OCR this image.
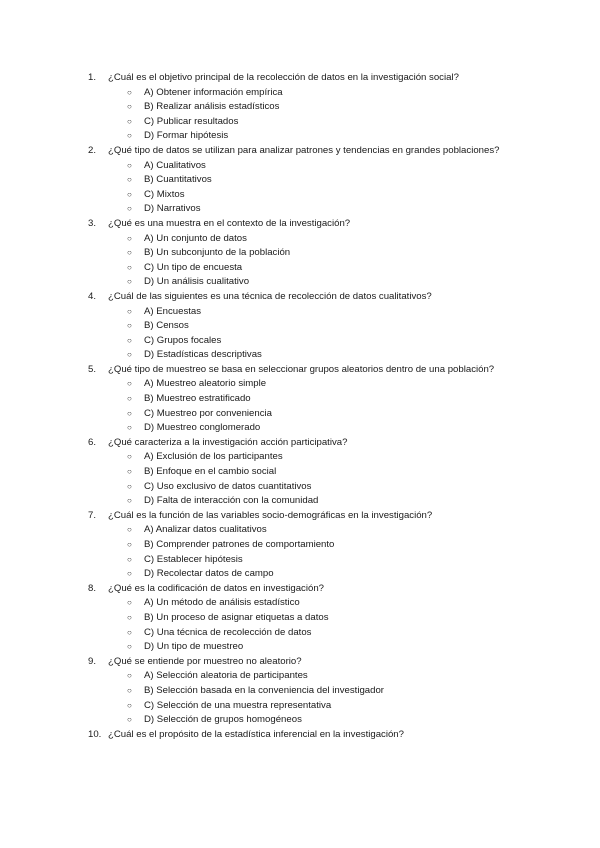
1.	¿Cuál es el objetivo principal de la recolección de datos en la investigación social?
○	A) Obtener información empírica
○	B) Realizar análisis estadísticos
○	C) Publicar resultados
○	D) Formar hipótesis
2.	¿Qué tipo de datos se utilizan para analizar patrones y tendencias en grandes poblaciones?
○	A) Cualitativos
○	B) Cuantitativos
○	C) Mixtos
○	D) Narrativos
3.	¿Qué es una muestra en el contexto de la investigación?
○	A) Un conjunto de datos
○	B) Un subconjunto de la población
○	C) Un tipo de encuesta
○	D) Un análisis cualitativo
4.	¿Cuál de las siguientes es una técnica de recolección de datos cualitativos?
○	A) Encuestas
○	B) Censos
○	C) Grupos focales
○	D) Estadísticas descriptivas
5.	¿Qué tipo de muestreo se basa en seleccionar grupos aleatorios dentro de una población?
○	A) Muestreo aleatorio simple
○	B) Muestreo estratificado
○	C) Muestreo por conveniencia
○	D) Muestreo conglomerado
6.	¿Qué caracteriza a la investigación acción participativa?
○	A) Exclusión de los participantes
○	B) Enfoque en el cambio social
○	C) Uso exclusivo de datos cuantitativos
○	D) Falta de interacción con la comunidad
7.	¿Cuál es la función de las variables socio-demográficas en la investigación?
○	A) Analizar datos cualitativos
○	B) Comprender patrones de comportamiento
○	C) Establecer hipótesis
○	D) Recolectar datos de campo
8.	¿Qué es la codificación de datos en investigación?
○	A) Un método de análisis estadístico
○	B) Un proceso de asignar etiquetas a datos
○	C) Una técnica de recolección de datos
○	D) Un tipo de muestreo
9.	¿Qué se entiende por muestreo no aleatorio?
○	A) Selección aleatoria de participantes
○	B) Selección basada en la conveniencia del investigador
○	C) Selección de una muestra representativa
○	D) Selección de grupos homogéneos
10. ¿Cuál es el propósito de la estadística inferencial en la investigación?
